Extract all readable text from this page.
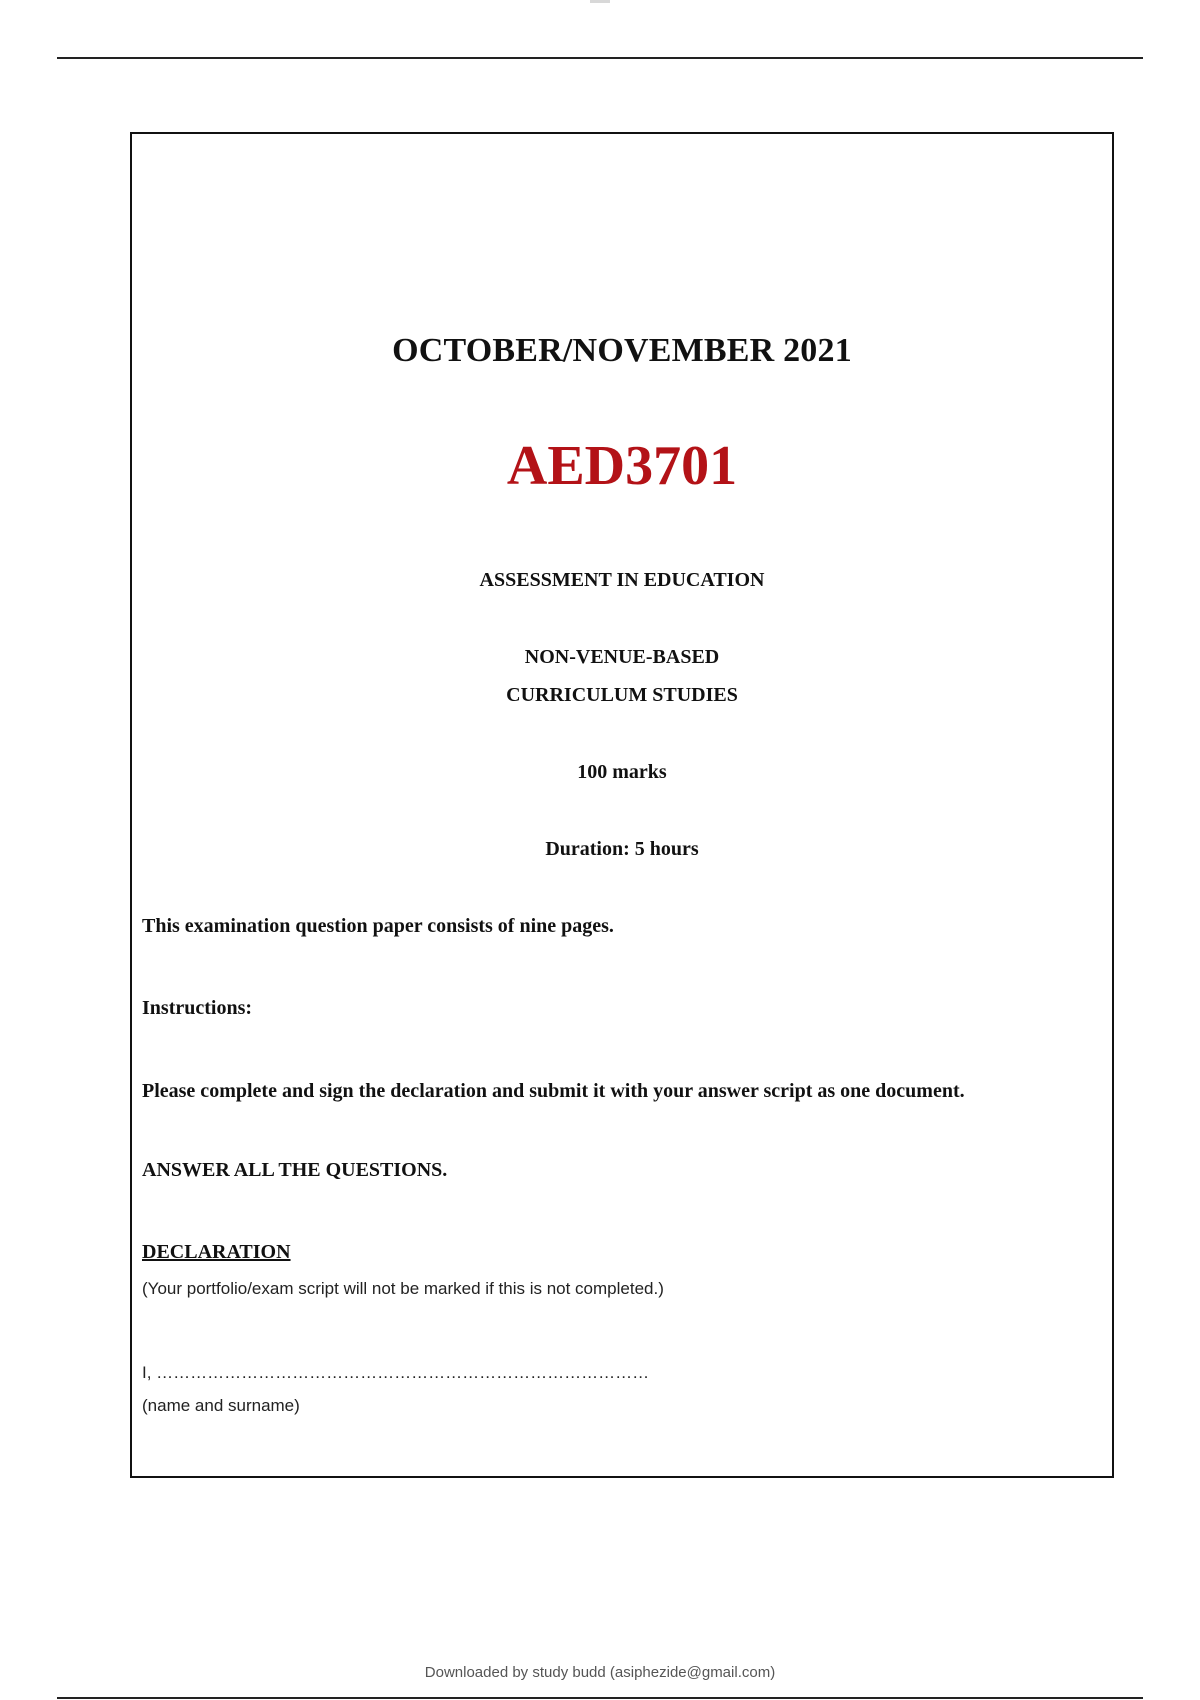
OCTOBER/NOVEMBER 2021
AED3701
ASSESSMENT IN EDUCATION
NON-VENUE-BASED
CURRICULUM STUDIES
100 marks
Duration: 5 hours
This examination question paper consists of nine pages.
Instructions:
Please complete and sign the declaration and submit it with your answer script as one document.
ANSWER ALL THE QUESTIONS.
DECLARATION
(Your portfolio/exam script will not be marked if this is not completed.)
I, ……………………………………………………………………………
(name and surname)
Downloaded by study budd (asiphezide@gmail.com)
